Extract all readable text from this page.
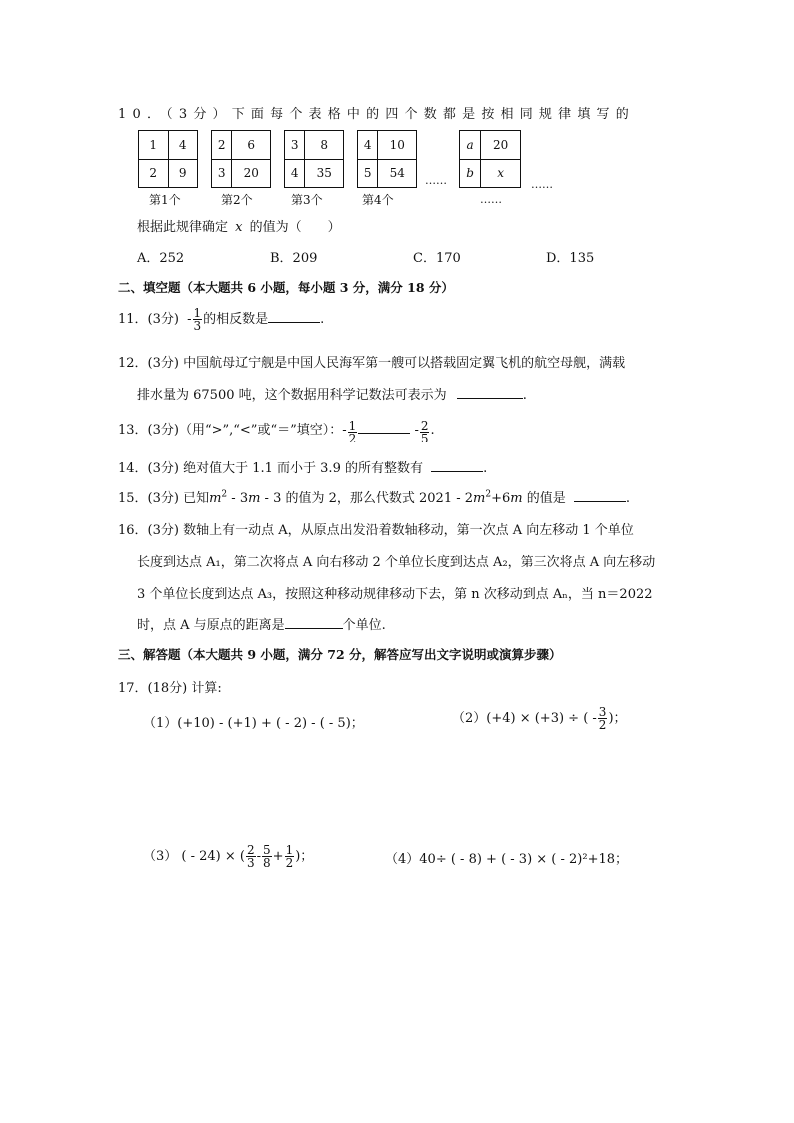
10．（3分）下面每个表格中的四个数都是按相同规律填写的
1	4
2	9
第1个
2	6
3	20
第2个
3	8
4	35
第3个
4	10
5	54
第4个
……
a	20
b	x
……
……
根据此规律确定 x 的值为（　　）
A．252	B．209	C．170	D．135
二、填空题（本大题共 6 小题，每小题 3 分，满分 18 分）
11．(3分) - $\frac{1}{3}$ 的相反数是	.
12．(3分) 中国航母辽宁舰是中国人民海军第一艘可以搭载固定翼飞机的航空母舰，满载
排水量为 67500 吨，这个数据用科学记数法可表示为	.
13．(3分)（用“>”,“<”或“＝”填空）：- $\frac{1}{2}$	- $\frac{2}{5}$ .
14．(3分) 绝对值大于 1.1 而小于 3.9 的所有整数有	.
15．(3分) 已知$m^2 - 3m - 3$ 的值为 2，那么代数式 $2021 - 2m^2+6m$ 的值是	.
16．(3分) 数轴上有一动点 A，从原点出发沿着数轴移动，第一次点 A 向左移动 1 个单位
长度到达点 A₁，第二次将点 A 向右移动 2 个单位长度到达点 A₂，第三次将点 A 向左移动
3 个单位长度到达点 A₃，按照这种移动规律移动下去，第 n 次移动到点 Aₙ，当 n＝2022
时，点 A 与原点的距离是	个单位.
三、解答题（本大题共 9 小题，满分 72 分，解答应写出文字说明或演算步骤）
17．(18分) 计算:
（1）(+10) - (+1) + ( - 2) - ( - 5)；	（2）(+4) × (+3) ÷ ( - $\frac{3}{2}$ )；
（3） ( - 24) × ( $\frac{2}{3} - \frac{5}{8} + \frac{1}{2}$ )；	（4）40÷ ( - 8) + ( - 3) × ( - 2)²+18；
